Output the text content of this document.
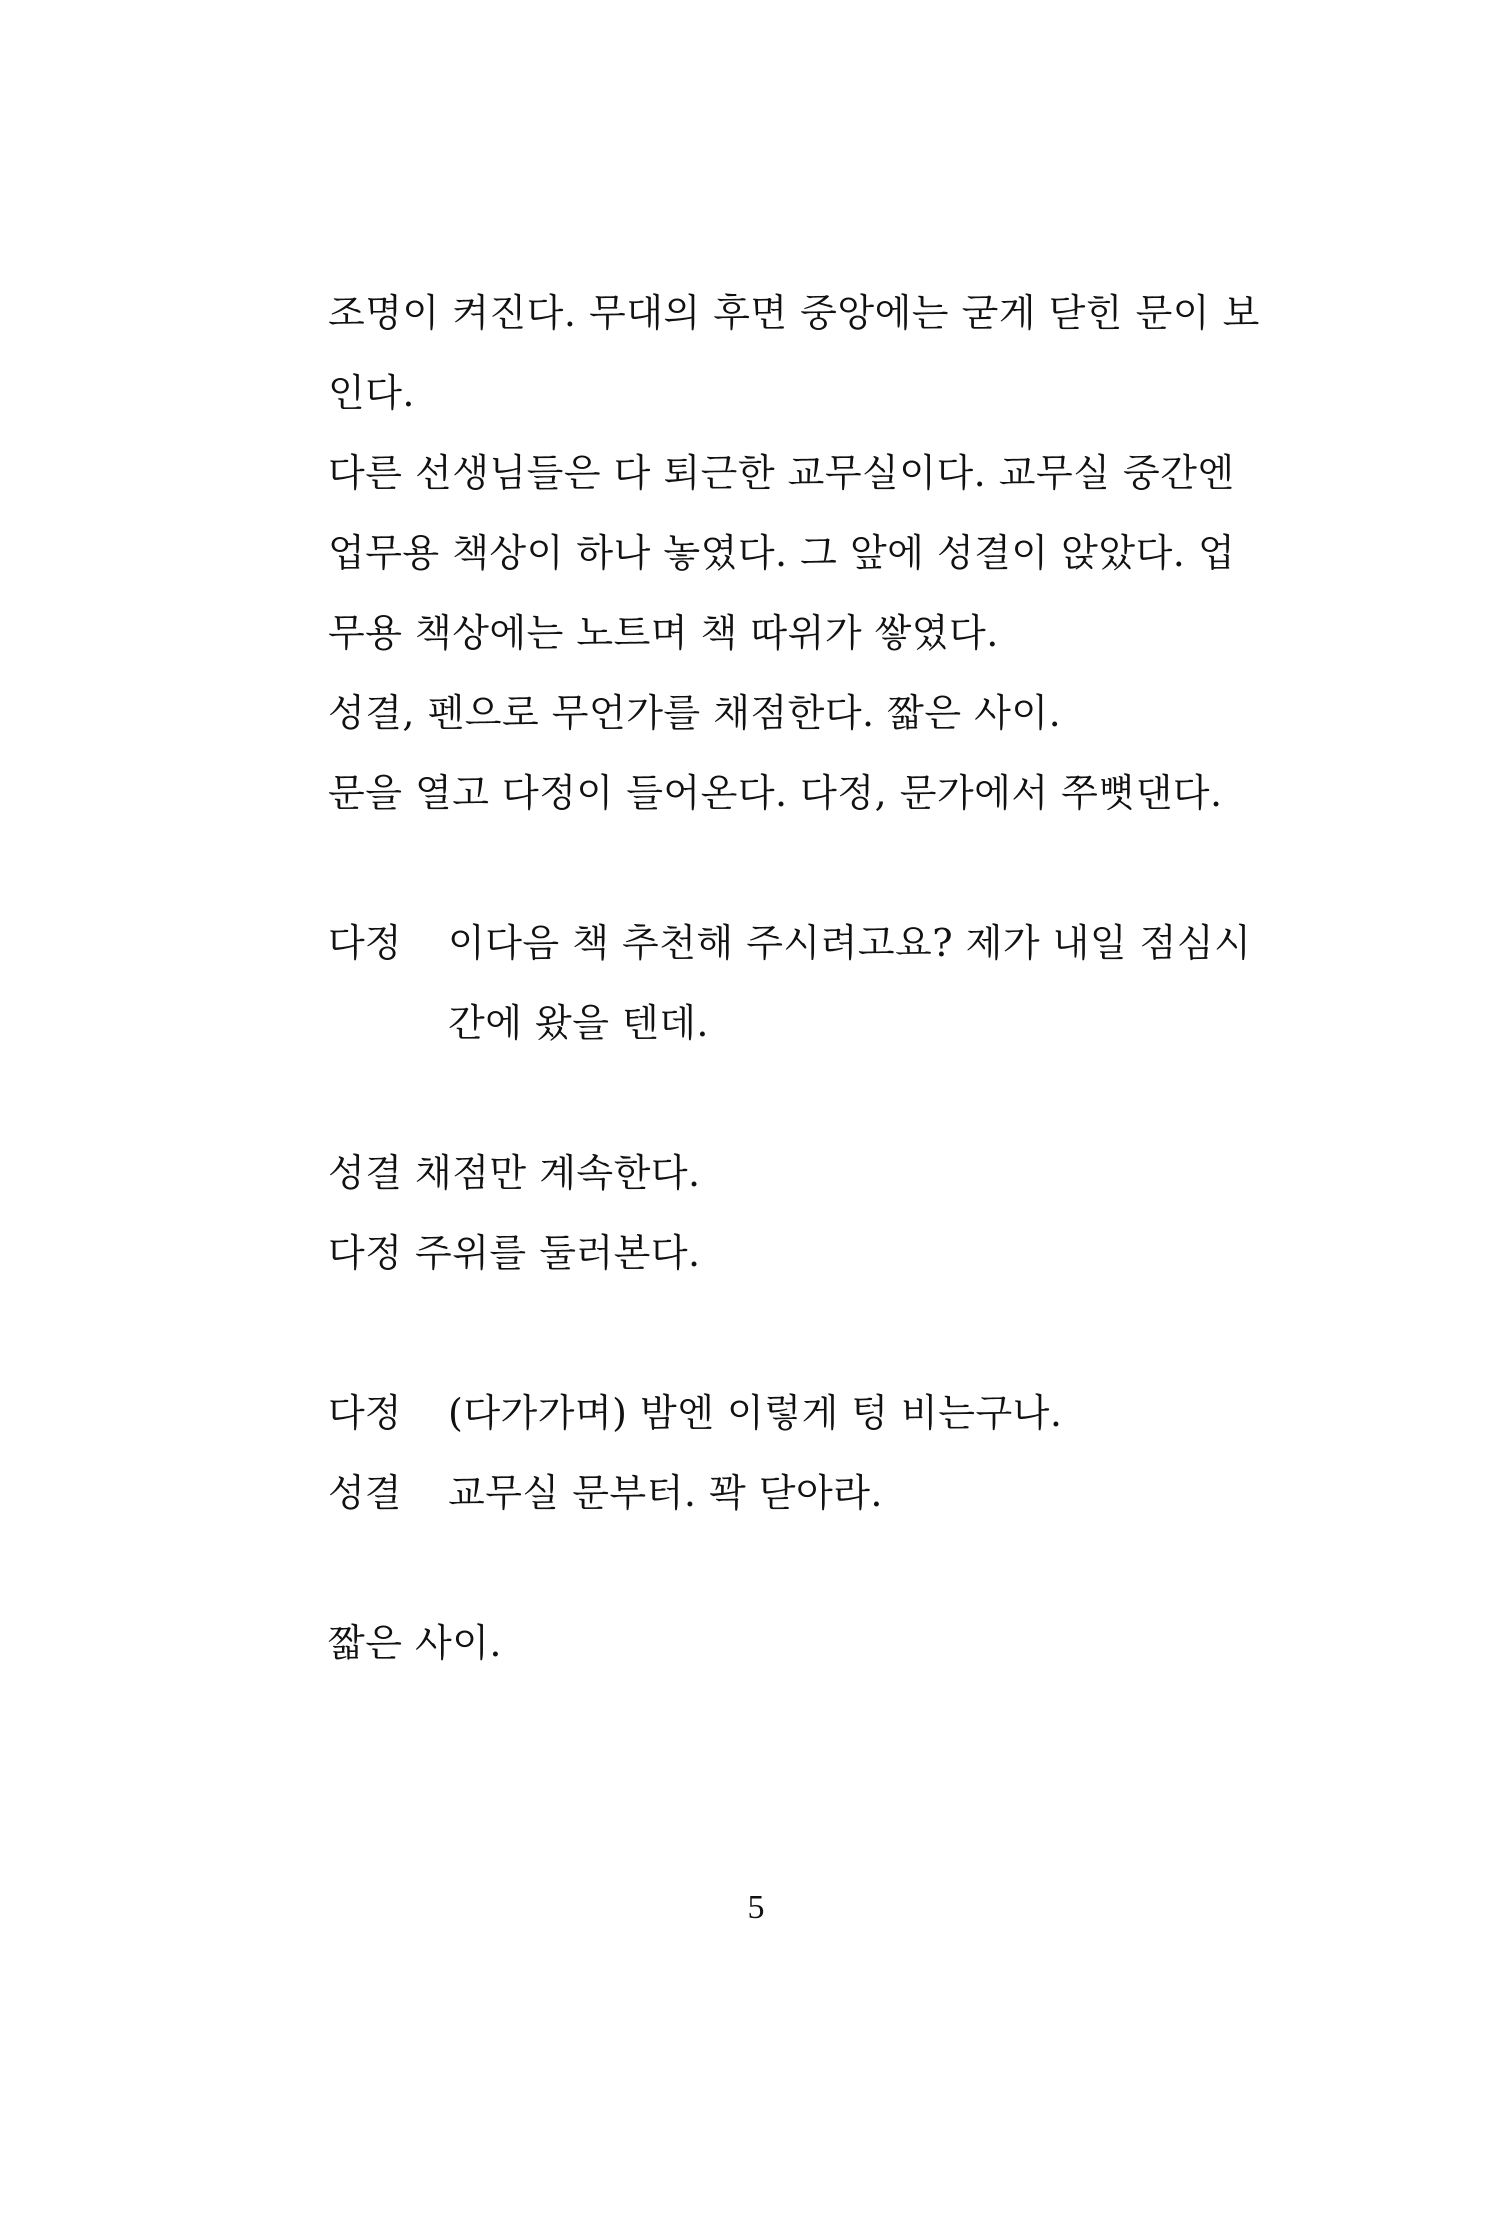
조명이 켜진다. 무대의 후면 중앙에는 굳게 닫힌 문이 보
인다.
다른 선생님들은 다 퇴근한 교무실이다. 교무실 중간엔
업무용 책상이 하나 놓였다. 그 앞에 성결이 앉았다. 업
무용 책상에는 노트며 책 따위가 쌓였다.
성결, 펜으로 무언가를 채점한다. 짧은 사이.
문을 열고 다정이 들어온다. 다정, 문가에서 쭈뼛댄다.
다정 이다음 책 추천해 주시려고요? 제가 내일 점심시
간에 왔을 텐데.
성결 채점만 계속한다.
다정 주위를 둘러본다.
다정 (다가가며) 밤엔 이렇게 텅 비는구나.
성결 교무실 문부터. 꽉 닫아라.
짧은 사이.
5
